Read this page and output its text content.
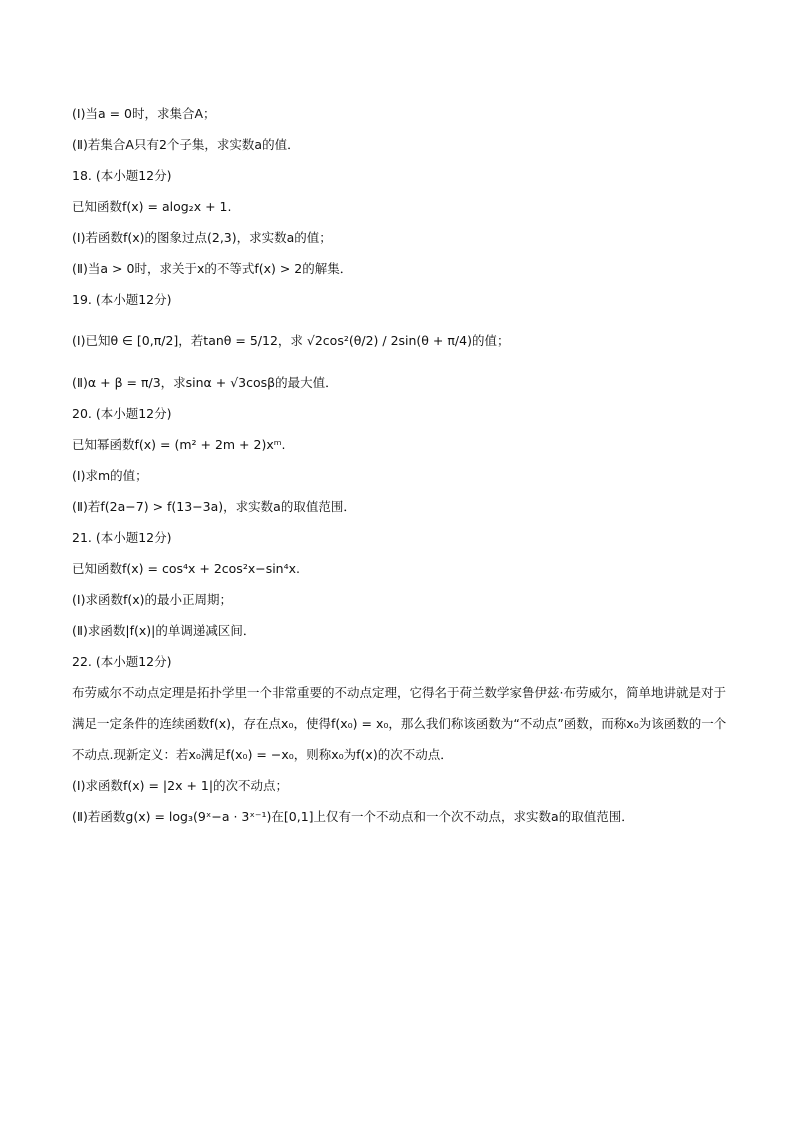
(Ⅰ)当a = 0时，求集合A；
(Ⅱ)若集合A只有2个子集，求实数a的值．
18. (本小题12分)
已知函数f(x) = alog₂x + 1.
(Ⅰ)若函数f(x)的图象过点(2,3)，求实数a的值；
(Ⅱ)当a > 0时，求关于x的不等式f(x) > 2的解集．
19. (本小题12分)
(Ⅰ)已知θ ∈ [0,π/2]，若tanθ = 5/12，求 √2cos²(θ/2) / 2sin(θ + π/4)的值；
(Ⅱ)α + β = π/3，求sinα + √3cosβ的最大值．
20. (本小题12分)
已知幂函数f(x) = (m² + 2m + 2)xᵐ.
(Ⅰ)求m的值；
(Ⅱ)若f(2a−7) > f(13−3a)，求实数a的取值范围．
21. (本小题12分)
已知函数f(x) = cos⁴x + 2cos²x−sin⁴x.
(Ⅰ)求函数f(x)的最小正周期；
(Ⅱ)求函数|f(x)|的单调递减区间．
22. (本小题12分)
布劳威尔不动点定理是拓扑学里一个非常重要的不动点定理，它得名于荷兰数学家鲁伊兹·布劳威尔，简单地讲就是对于满足一定条件的连续函数f(x)，存在点x₀，使得f(x₀) = x₀，那么我们称该函数为“不动点”函数，而称x₀为该函数的一个不动点.现新定义：若x₀满足f(x₀) = −x₀，则称x₀为f(x)的次不动点．
(Ⅰ)求函数f(x) = |2x + 1|的次不动点；
(Ⅱ)若函数g(x) = log₃(9ˣ−a · 3ˣ⁻¹)在[0,1]上仅有一个不动点和一个次不动点，求实数a的取值范围．
